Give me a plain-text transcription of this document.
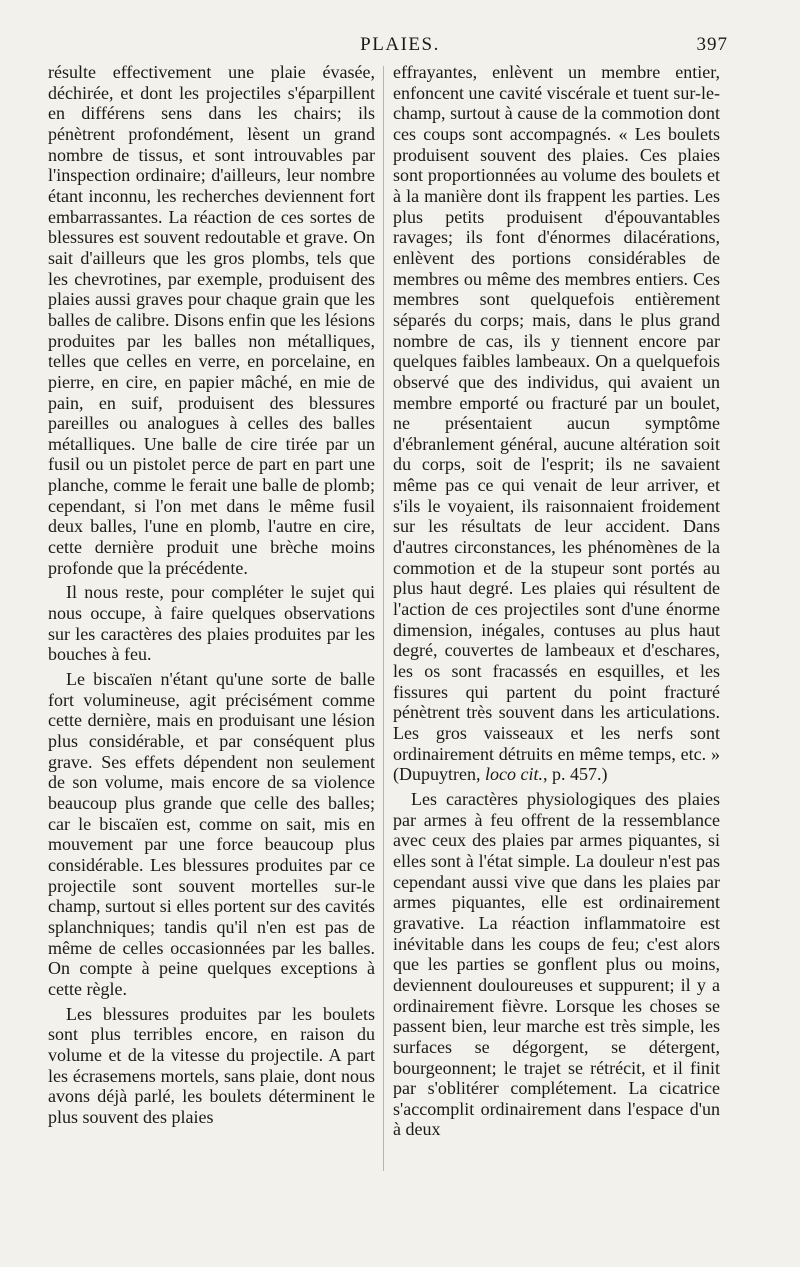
PLAIES.	397

résulte effectivement une plaie évasée, déchirée, et dont les projectiles s'éparpillent en différens sens dans les chairs; ils pénètrent profondément, lèsent un grand nombre de tissus, et sont introuvables par l'inspection ordinaire; d'ailleurs, leur nombre étant inconnu, les recherches deviennent fort embarrassantes. La réaction de ces sortes de blessures est souvent redoutable et grave. On sait d'ailleurs que les gros plombs, tels que les chevrotines, par exemple, produisent des plaies aussi graves pour chaque grain que les balles de calibre. Disons enfin que les lésions produites par les balles non métalliques, telles que celles en verre, en porcelaine, en pierre, en cire, en papier mâché, en mie de pain, en suif, produisent des blessures pareilles ou analogues à celles des balles métalliques. Une balle de cire tirée par un fusil ou un pistolet perce de part en part une planche, comme le ferait une balle de plomb; cependant, si l'on met dans le même fusil deux balles, l'une en plomb, l'autre en cire, cette dernière produit une brèche moins profonde que la précédente.

Il nous reste, pour compléter le sujet qui nous occupe, à faire quelques observations sur les caractères des plaies produites par les bouches à feu.

Le biscaïen n'étant qu'une sorte de balle fort volumineuse, agit précisément comme cette dernière, mais en produisant une lésion plus considérable, et par conséquent plus grave. Ses effets dépendent non seulement de son volume, mais encore de sa violence beaucoup plus grande que celle des balles; car le biscaïen est, comme on sait, mis en mouvement par une force beaucoup plus considérable. Les blessures produites par ce projectile sont souvent mortelles sur-le champ, surtout si elles portent sur des cavités splanchniques; tandis qu'il n'en est pas de même de celles occasionnées par les balles. On compte à peine quelques exceptions à cette règle.

Les blessures produites par les boulets sont plus terribles encore, en raison du volume et de la vitesse du projectile. A part les écrasemens mortels, sans plaie, dont nous avons déjà parlé, les boulets déterminent le plus souvent des plaies

effrayantes, enlèvent un membre entier, enfoncent une cavité viscérale et tuent sur-le-champ, surtout à cause de la commotion dont ces coups sont accompagnés. « Les boulets produisent souvent des plaies. Ces plaies sont proportionnées au volume des boulets et à la manière dont ils frappent les parties. Les plus petits produisent d'épouvantables ravages; ils font d'énormes dilacérations, enlèvent des portions considérables de membres ou même des membres entiers. Ces membres sont quelquefois entièrement séparés du corps; mais, dans le plus grand nombre de cas, ils y tiennent encore par quelques faibles lambeaux. On a quelquefois observé que des individus, qui avaient un membre emporté ou fracturé par un boulet, ne présentaient aucun symptôme d'ébranlement général, aucune altération soit du corps, soit de l'esprit; ils ne savaient même pas ce qui venait de leur arriver, et s'ils le voyaient, ils raisonnaient froidement sur les résultats de leur accident. Dans d'autres circonstances, les phénomènes de la commotion et de la stupeur sont portés au plus haut degré. Les plaies qui résultent de l'action de ces projectiles sont d'une énorme dimension, inégales, contuses au plus haut degré, couvertes de lambeaux et d'eschares, les os sont fracassés en esquilles, et les fissures qui partent du point fracturé pénètrent très souvent dans les articulations. Les gros vaisseaux et les nerfs sont ordinairement détruits en même temps, etc. » (Dupuytren, loco cit., p. 457.)

Les caractères physiologiques des plaies par armes à feu offrent de la ressemblance avec ceux des plaies par armes piquantes, si elles sont à l'état simple. La douleur n'est pas cependant aussi vive que dans les plaies par armes piquantes, elle est ordinairement gravative. La réaction inflammatoire est inévitable dans les coups de feu; c'est alors que les parties se gonflent plus ou moins, deviennent douloureuses et suppurent; il y a ordinairement fièvre. Lorsque les choses se passent bien, leur marche est très simple, les surfaces se dégorgent, se détergent, bourgeonnent; le trajet se rétrécit, et il finit par s'oblitérer complétement. La cicatrice s'accomplit ordinairement dans l'espace d'un à deux
